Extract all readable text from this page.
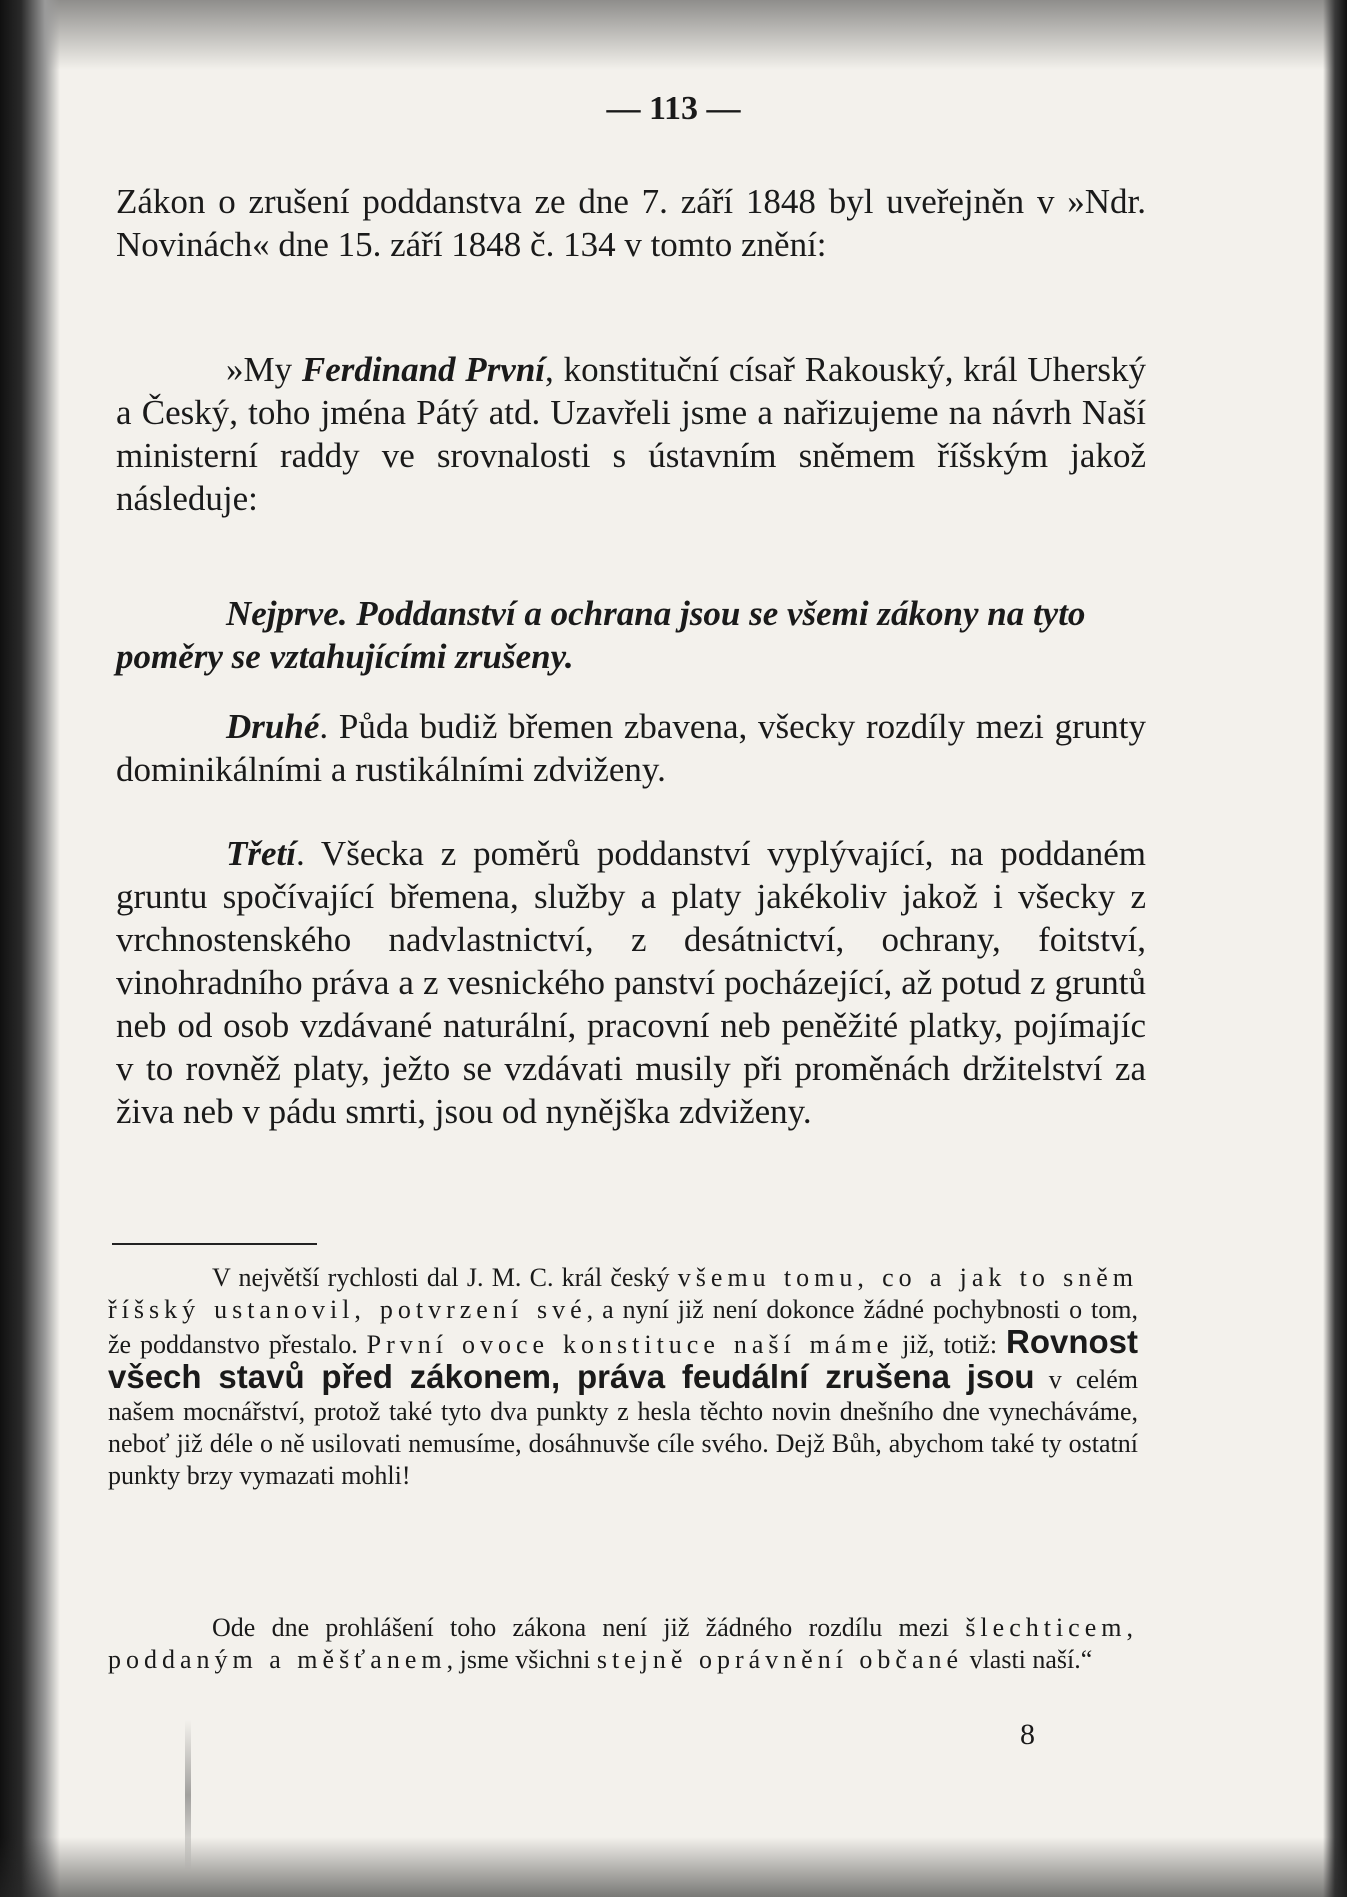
— 113 —

Zákon o zrušení poddanstva ze dne 7. září 1848 byl uveřejněn v »Ndr. Novinách« dne 15. září 1848 č. 134 v tomto znění:

»My Ferdinand První, konstituční císař Rakouský, král Uherský a Český, toho jména Pátý atd. Uzavřeli jsme a nařizujeme na návrh Naší ministerní raddy ve srovnalosti s ústavním sněmem říšským jakož následuje:

Nejprve. Poddanství a ochrana jsou se všemi zákony na tyto poměry se vztahujícími zrušeny.

Druhé. Půda budiž břemen zbavena, všecky rozdíly mezi grunty dominikálními a rustikálními zdviženy.

Třetí. Všecka z poměrů poddanství vyplývající, na poddaném gruntu spočívající břemena, služby a platy jakékoliv jakož i všecky z vrchnostenského nadvlastnictví, z desátnictví, ochrany, foitství, vinohradního práva a z vesnického panství pocházející, až potud z gruntů neb od osob vzdávané naturální, pracovní neb peněžité platky, pojímajíc v to rovněž platy, ježto se vzdávati musily při proměnách držitelství za živa neb v pádu smrti, jsou od nynějška zdviženy.

V největší rychlosti dal J. M. C. král český všemu tomu, co a jak to sněm říšský ustanovil, potvrzení své, a nyní již není dokonce žádné pochybnosti o tom, že poddanstvo přestalo. První ovoce konstituce naší máme již, totiž: Rovnost všech stavů před zákonem, práva feudální zrušena jsou v celém našem mocnářství, protož také tyto dva punkty z hesla těchto novin dnešního dne vynecháváme, neboť již déle o ně usilovati nemusíme, dosáhnuvše cíle svého. Dejž Bůh, abychom také ty ostatní punkty brzy vymazati mohli!
Ode dne prohlášení toho zákona není již žádného rozdílu mezi šlechticem, poddaným a měšťanem, jsme všichni stejně oprávnění občané vlasti naší.“
8
